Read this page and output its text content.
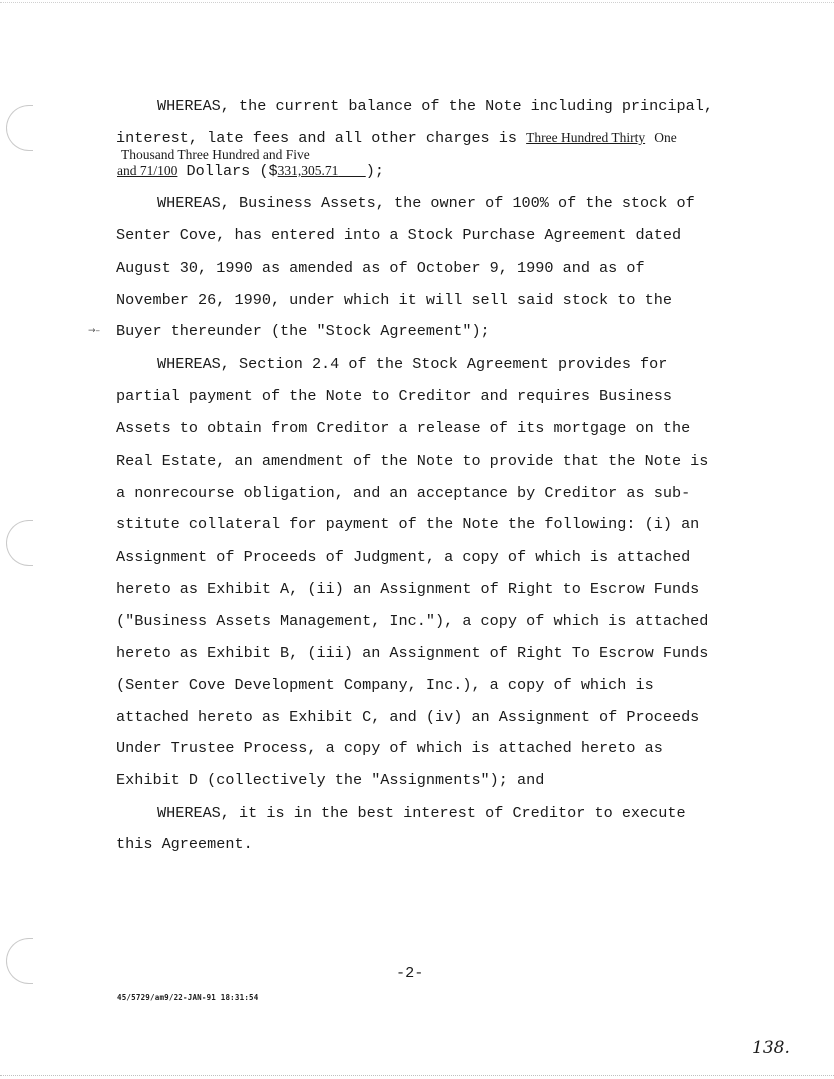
WHEREAS, the current balance of the Note including principal,
interest, late fees and all other charges is Three Hundred Thirty One
Thousand Three Hundred and Five
and 71/100 Dollars ($331,305.71 );
WHEREAS, Business Assets, the owner of 100% of the stock of
Senter Cove, has entered into a Stock Purchase Agreement dated
August 30, 1990 as amended as of October 9, 1990 and as of
November 26, 1990, under which it will sell said stock to the
→– Buyer thereunder (the "Stock Agreement");
WHEREAS, Section 2.4 of the Stock Agreement provides for
partial payment of the Note to Creditor and requires Business
Assets to obtain from Creditor a release of its mortgage on the
Real Estate, an amendment of the Note to provide that the Note is
a nonrecourse obligation, and an acceptance by Creditor as sub-
stitute collateral for payment of the Note the following: (i) an
Assignment of Proceeds of Judgment, a copy of which is attached
hereto as Exhibit A, (ii) an Assignment of Right to Escrow Funds
("Business Assets Management, Inc."), a copy of which is attached
hereto as Exhibit B, (iii) an Assignment of Right To Escrow Funds
(Senter Cove Development Company, Inc.), a copy of which is
attached hereto as Exhibit C, and (iv) an Assignment of Proceeds
Under Trustee Process, a copy of which is attached hereto as
Exhibit D (collectively the "Assignments"); and
WHEREAS, it is in the best interest of Creditor to execute
this Agreement.
-2-
45/5729/am9/22-JAN-91 18:31:54
138.
